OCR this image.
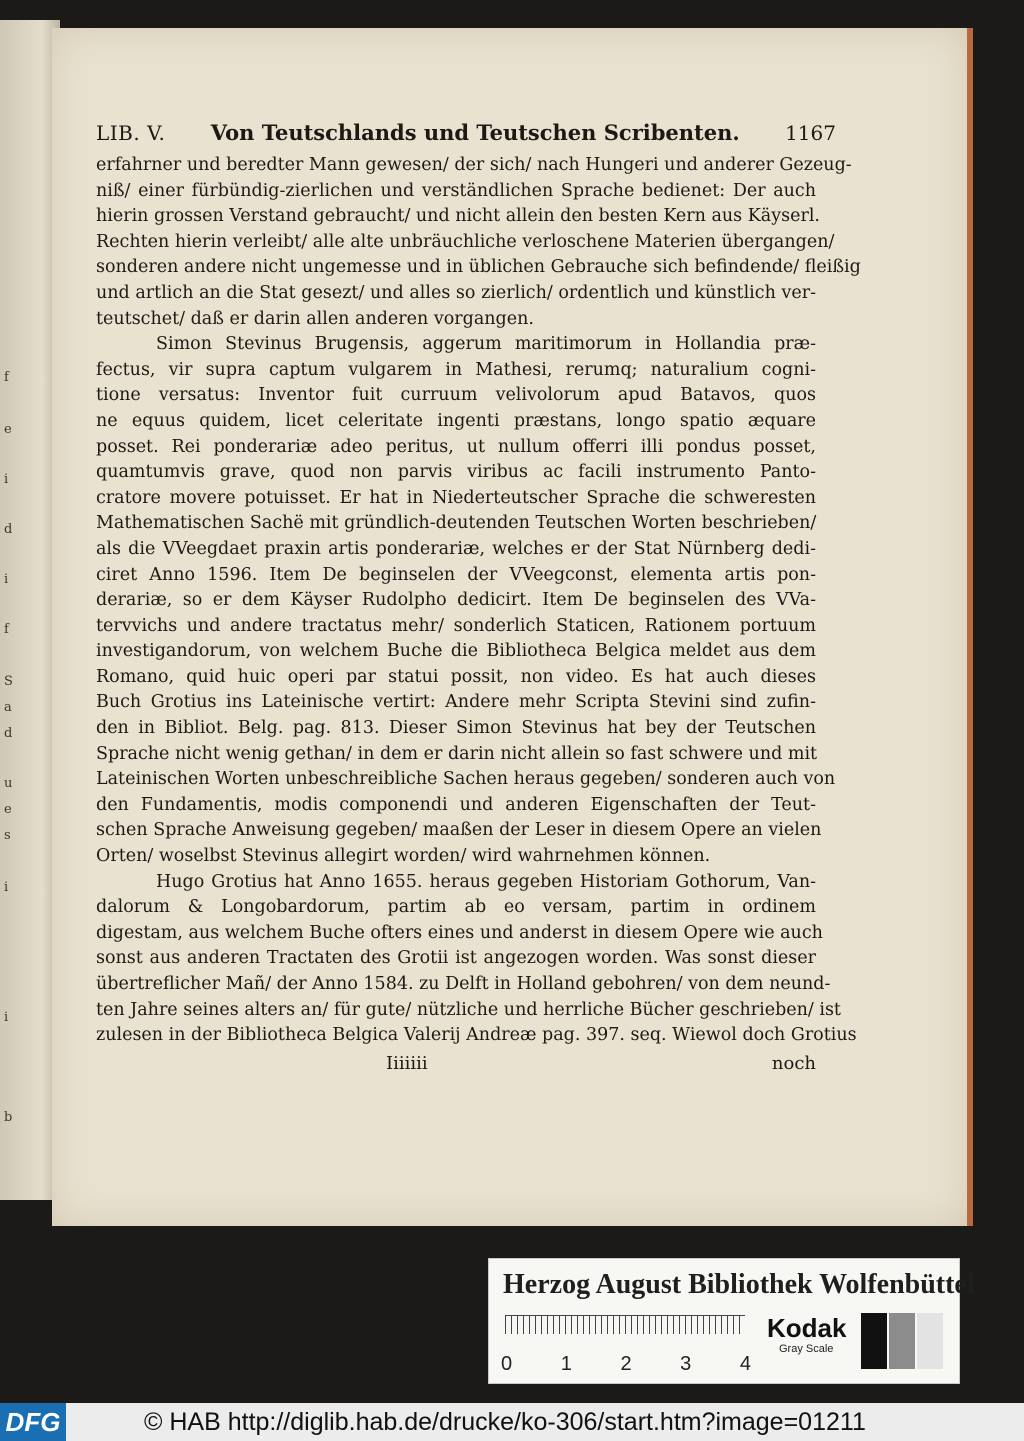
f
e
i
d
i
f
S
a
d
u
e
s
i
i
b
LIB. V. Von Teutschlands und Teutschen Scribenten. 1167
erfahrner und beredter Mann gewesen/ der sich/ nach Hungeri und anderer Gezeug-
niß/ einer fürbündig-zierlichen und verständlichen Sprache bedienet: Der auch
hierin grossen Verstand gebraucht/ und nicht allein den besten Kern aus Käyserl.
Rechten hierin verleibt/ alle alte unbräuchliche verloschene Materien übergangen/
sonderen andere nicht ungemesse und in üblichen Gebrauche sich befindende/ fleißig
und artlich an die Stat gesezt/ und alles so zierlich/ ordentlich und künstlich ver-
teutschet/ daß er darin allen anderen vorgangen.
Simon Stevinus Brugensis, aggerum maritimorum in Hollandia præ-
fectus, vir supra captum vulgarem in Mathesi, rerumq; naturalium cogni-
tione versatus: Inventor fuit curruum velivolorum apud Batavos, quos
ne equus quidem, licet celeritate ingenti præstans, longo spatio æquare
posset. Rei ponderariæ adeo peritus, ut nullum offerri illi pondus posset,
quamtumvis grave, quod non parvis viribus ac facili instrumento Panto-
cratore movere potuisset. Er hat in Niederteutscher Sprache die schweresten
Mathematischen Sachë mit gründlich-deutenden Teutschen Worten beschrieben/
als die VVeegdaet praxin artis ponderariæ, welches er der Stat Nürnberg dedi-
ciret Anno 1596. Item De beginselen der VVeegconst, elementa artis pon-
derariæ, so er dem Käyser Rudolpho dedicirt. Item De beginselen des VVa-
tervvichs und andere tractatus mehr/ sonderlich Staticen, Rationem portuum
investigandorum, von welchem Buche die Bibliotheca Belgica meldet aus dem
Romano, quid huic operi par statui possit, non video. Es hat auch dieses
Buch Grotius ins Lateinische vertirt: Andere mehr Scripta Stevini sind zufin-
den in Bibliot. Belg. pag. 813. Dieser Simon Stevinus hat bey der Teutschen
Sprache nicht wenig gethan/ in dem er darin nicht allein so fast schwere und mit
Lateinischen Worten unbeschreibliche Sachen heraus gegeben/ sonderen auch von
den Fundamentis, modis componendi und anderen Eigenschaften der Teut-
schen Sprache Anweisung gegeben/ maaßen der Leser in diesem Opere an vielen
Orten/ woselbst Stevinus allegirt worden/ wird wahrnehmen können.
Hugo Grotius hat Anno 1655. heraus gegeben Historiam Gothorum, Van-
dalorum & Longobardorum, partim ab eo versam, partim in ordinem
digestam, aus welchem Buche ofters eines und anderst in diesem Opere wie auch
sonst aus anderen Tractaten des Grotii ist angezogen worden. Was sonst dieser
übertreflicher Mañ/ der Anno 1584. zu Delft in Holland gebohren/ von dem neund-
ten Jahre seines alters an/ für gute/ nützliche und herrliche Bücher geschrieben/ ist
zulesen in der Bibliotheca Belgica Valerij Andreæ pag. 397. seq. Wiewol doch Grotius
Iiiiiii	noch
Herzog August Bibliothek Wolfenbüttel
0 1 2 3 4
Kodak
Gray Scale
DFG	© HAB http://diglib.hab.de/drucke/ko-306/start.htm?image=01211
